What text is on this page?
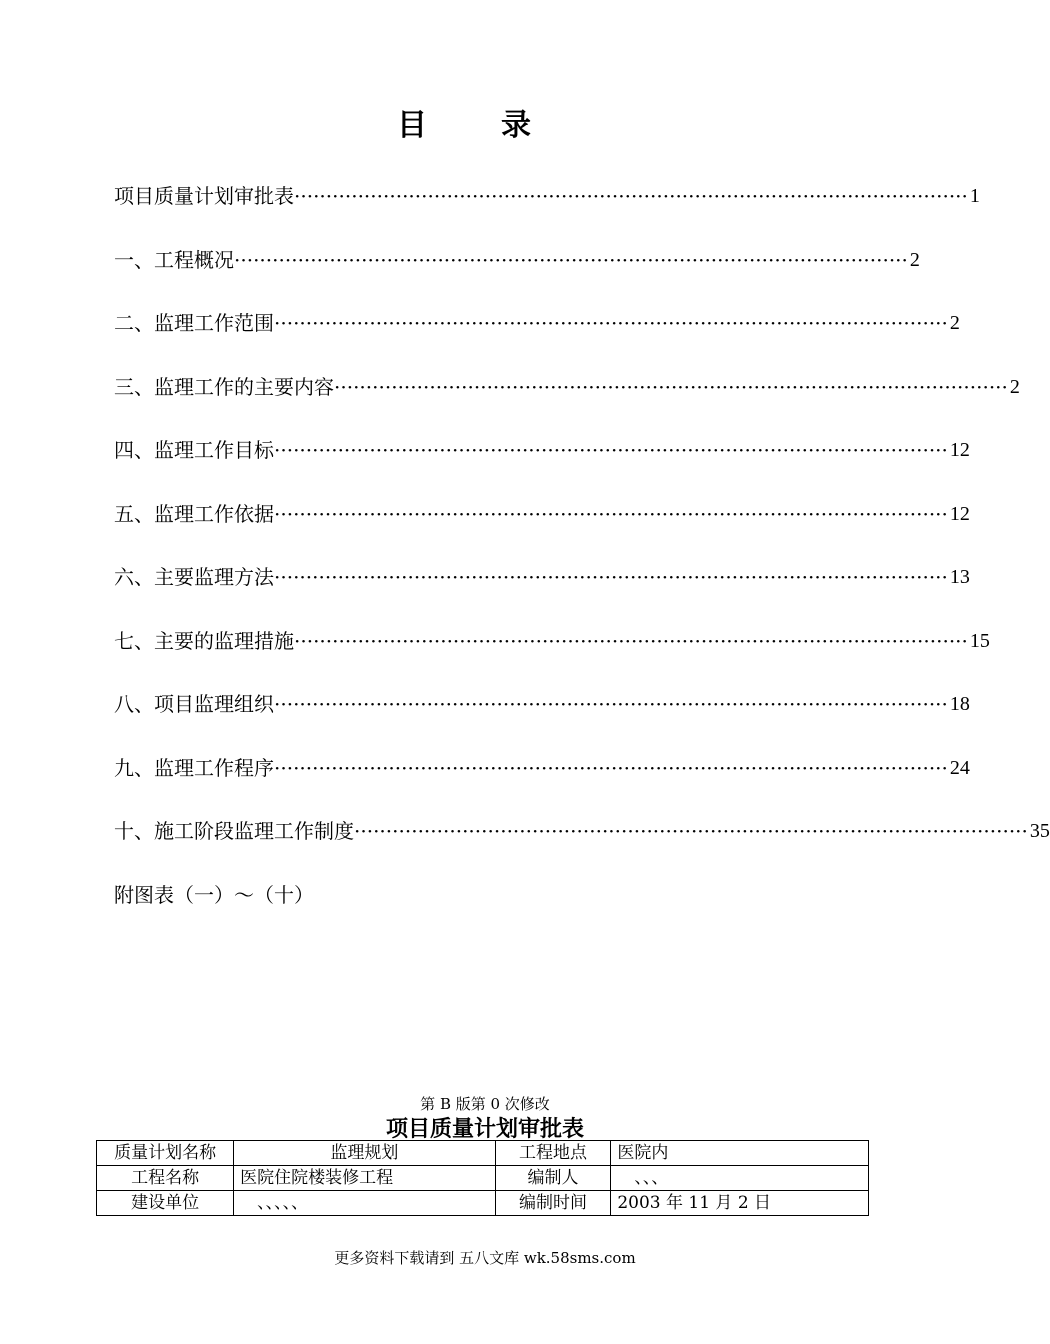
目　录
项目质量计划审批表 ·········································································································· 1
一、工程概况 ·········································································································· 2
二、监理工作范围 ·········································································································· 2
三、监理工作的主要内容 ·········································································································· 2
四、监理工作目标 ·········································································································· 12
五、监理工作依据 ·········································································································· 12
六、主要监理方法 ·········································································································· 13
七、主要的监理措施 ·········································································································· 15
八、项目监理组织 ·········································································································· 18
九、监理工作程序 ·········································································································· 24
十、施工阶段监理工作制度 ·········································································································· 35
附图表（一）～（十）
第 B 版第 0 次修改
项目质量计划审批表
质量计划名称	监理规划	工程地点	医院内
工程名称	医院住院楼装修工程	编制人	　、、、
建设单位	　、、、、、	编制时间	2003 年 11 月 2 日
更多资料下载请到 五八文库 wk.58sms.com
